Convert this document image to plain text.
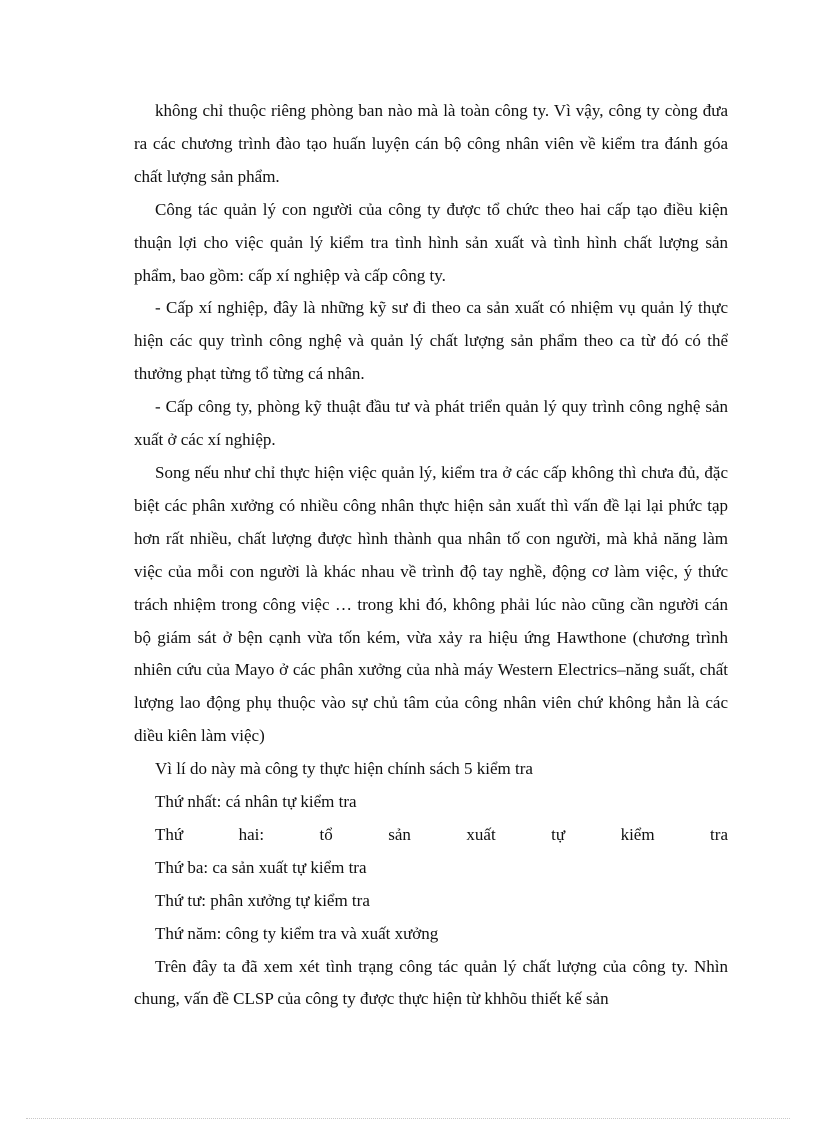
không chỉ thuộc riêng phòng ban nào mà là toàn công ty. Vì vậy, công ty còng đưa ra các chương trình đào tạo huấn luyện cán bộ công nhân viên về kiểm tra đánh góa chất lượng sản phẩm.

Công tác quản lý con người của công ty được tổ chức theo hai cấp tạo điều kiện thuận lợi cho việc quản lý kiểm tra tình hình sản xuất và tình hình chất lượng sản phẩm, bao gồm: cấp xí nghiệp và cấp công ty.

- Cấp xí nghiệp, đây là những kỹ sư đi theo ca sản xuất có nhiệm vụ quản lý thực hiện các quy trình công nghệ và quản lý chất lượng sản phẩm theo ca từ đó có thể thưởng phạt từng tổ từng cá nhân.

- Cấp công ty, phòng kỹ thuật đầu tư và phát triển quản lý quy trình công nghệ sản xuất ở các xí nghiệp.

Song nếu như chỉ thực hiện việc quản lý, kiểm tra ở các cấp không thì chưa đủ, đặc biệt các phân xưởng có nhiều công nhân thực hiện sản xuất thì vấn đề lại lại phức tạp hơn rất nhiều, chất lượng được hình thành qua nhân tố con người, mà khả năng làm việc của mỗi con người là khác nhau về trình độ tay nghề, động cơ làm việc, ý thức trách nhiệm trong công việc … trong khi đó, không phải lúc nào cũng cần người cán bộ giám sát ở bện cạnh vừa tốn kém, vừa xảy ra hiệu ứng Hawthone (chương trình nhiên cứu của Mayo ở các phân xưởng của nhà máy Western Electrics–năng suất, chất lượng lao động phụ thuộc vào sự chủ tâm của công nhân viên chứ không hẳn là các diều kiên làm việc)

Vì lí do này mà công ty thực hiện chính sách 5 kiểm tra

Thứ nhất: cá nhân tự kiểm tra

Thứ hai: tổ sản xuất tự kiểm tra

Thứ ba: ca sản xuất tự kiểm tra

Thứ tư: phân xưởng tự kiểm tra

Thứ năm: công ty kiểm tra và xuất xưởng

Trên đây ta đã xem xét tình trạng công tác quản lý chất lượng của công ty. Nhìn chung, vấn đề CLSP của công ty được thực hiện từ khhõu thiết kế sản
